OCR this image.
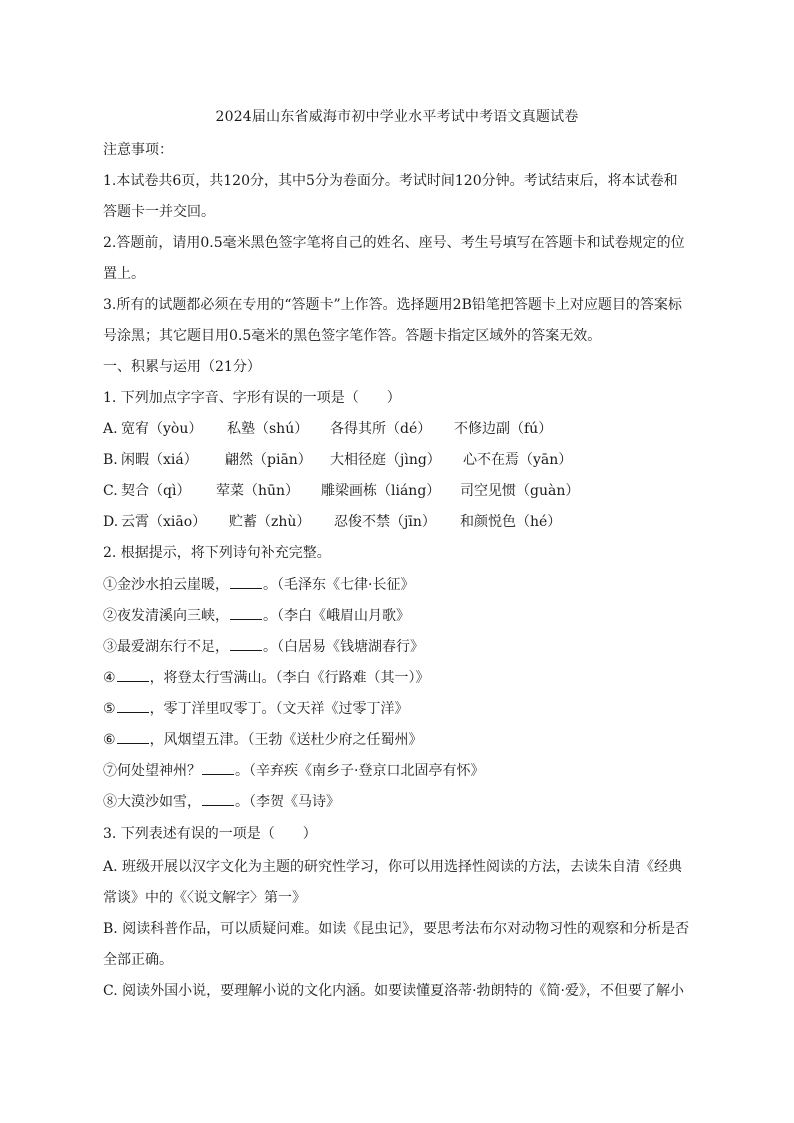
2024届山东省威海市初中学业水平考试中考语文真题试卷
注意事项：
1.本试卷共6页，共120分，其中5分为卷面分。考试时间120分钟。考试结束后，将本试卷和
答题卡一并交回。
2.答题前，请用0.5毫米黑色签字笔将自己的姓名、座号、考生号填写在答题卡和试卷规定的位
置上。
3.所有的试题都必须在专用的“答题卡”上作答。选择题用2B铅笔把答题卡上对应题目的答案标
号涂黑；其它题目用0.5毫米的黑色签字笔作答。答题卡指定区域外的答案无效。
一、积累与运用（21分）
1. 下列加点字字音、字形有误的一项是（　　）
A. 宽宥（yòu） 私塾（shú） 各得其所（dé） 不修边副（fú）
B. 闲暇（xiá） 翩然（piān） 大相径庭（jìng） 心不在焉（yān）
C. 契合（qì） 荤菜（hūn） 雕梁画栋（liáng） 司空见惯（guàn）
D. 云霄（xiāo） 贮蓄（zhù） 忍俊不禁（jīn） 和颜悦色（hé）
2. 根据提示，将下列诗句补充完整。
①金沙水拍云崖暖， 。（毛泽东《七律·长征》
②夜发清溪向三峡， 。（李白《峨眉山月歌》
③最爱湖东行不足， 。（白居易《钱塘湖春行》
④ ，将登太行雪满山。（李白《行路难（其一）》
⑤ ，零丁洋里叹零丁。（文天祥《过零丁洋》
⑥ ，风烟望五津。（王勃《送杜少府之任蜀州》
⑦何处望神州？ 。（辛弃疾《南乡子·登京口北固亭有怀》
⑧大漠沙如雪， 。（李贺《马诗》
3. 下列表述有误的一项是（　　）
A. 班级开展以汉字文化为主题的研究性学习，你可以用选择性阅读的方法，去读朱自清《经典
常谈》中的《〈说文解字〉第一》
B. 阅读科普作品，可以质疑问难。如读《昆虫记》，要思考法布尔对动物习性的观察和分析是否
全部正确。
C. 阅读外国小说，要理解小说的文化内涵。如要读懂夏洛蒂·勃朗特的《简·爱》，不但要了解小
